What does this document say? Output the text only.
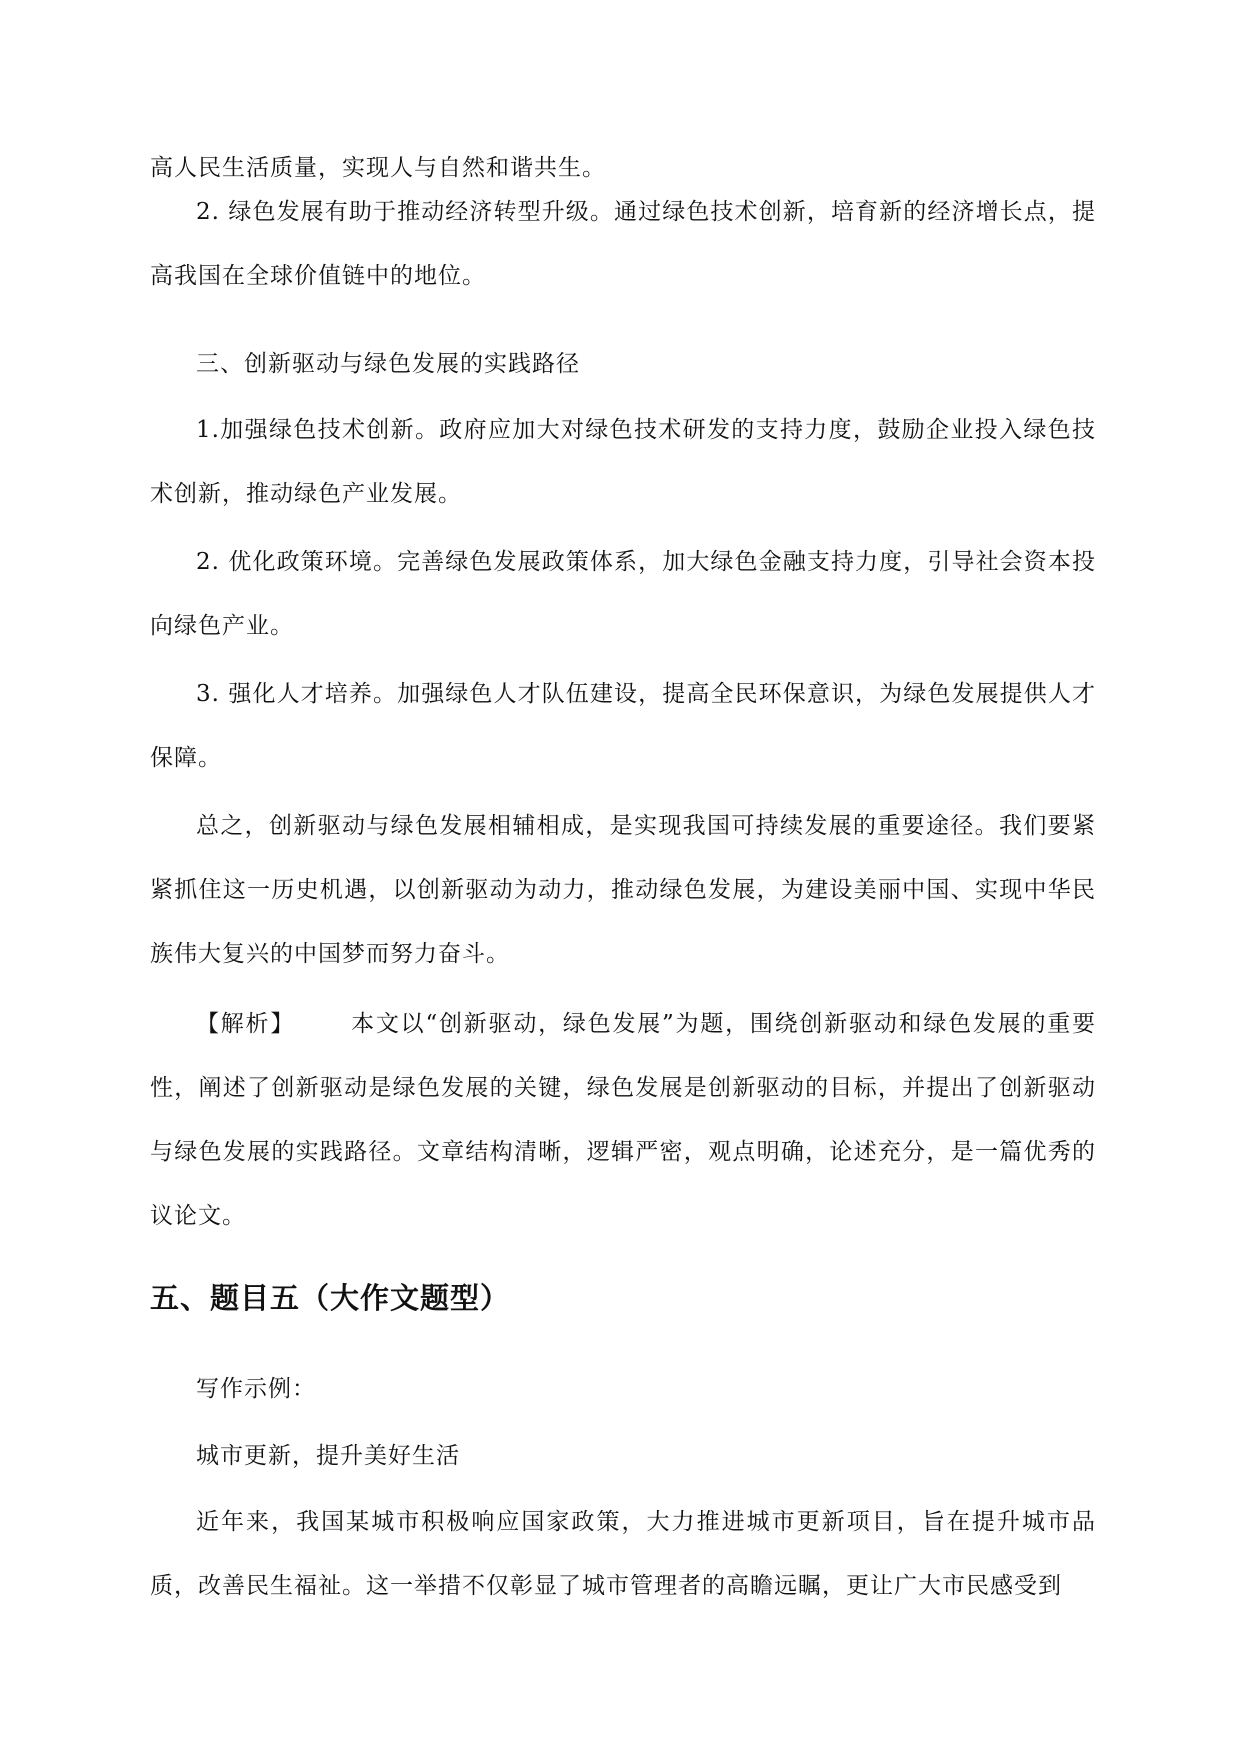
高人民生活质量，实现人与自然和谐共生。

2. 绿色发展有助于推动经济转型升级。通过绿色技术创新，培育新的经济增长点，提高我国在全球价值链中的地位。

三、创新驱动与绿色发展的实践路径

1.加强绿色技术创新。政府应加大对绿色技术研发的支持力度，鼓励企业投入绿色技术创新，推动绿色产业发展。

2. 优化政策环境。完善绿色发展政策体系，加大绿色金融支持力度，引导社会资本投向绿色产业。

3. 强化人才培养。加强绿色人才队伍建设，提高全民环保意识，为绿色发展提供人才保障。

总之，创新驱动与绿色发展相辅相成，是实现我国可持续发展的重要途径。我们要紧紧抓住这一历史机遇，以创新驱动为动力，推动绿色发展，为建设美丽中国、实现中华民族伟大复兴的中国梦而努力奋斗。

【解析】 本文以“创新驱动，绿色发展”为题，围绕创新驱动和绿色发展的重要性，阐述了创新驱动是绿色发展的关键，绿色发展是创新驱动的目标，并提出了创新驱动与绿色发展的实践路径。文章结构清晰，逻辑严密，观点明确，论述充分，是一篇优秀的议论文。

五、题目五（大作文题型）

写作示例：

城市更新，提升美好生活

近年来，我国某城市积极响应国家政策，大力推进城市更新项目，旨在提升城市品质，改善民生福祉。这一举措不仅彰显了城市管理者的高瞻远瞩，更让广大市民感受到
